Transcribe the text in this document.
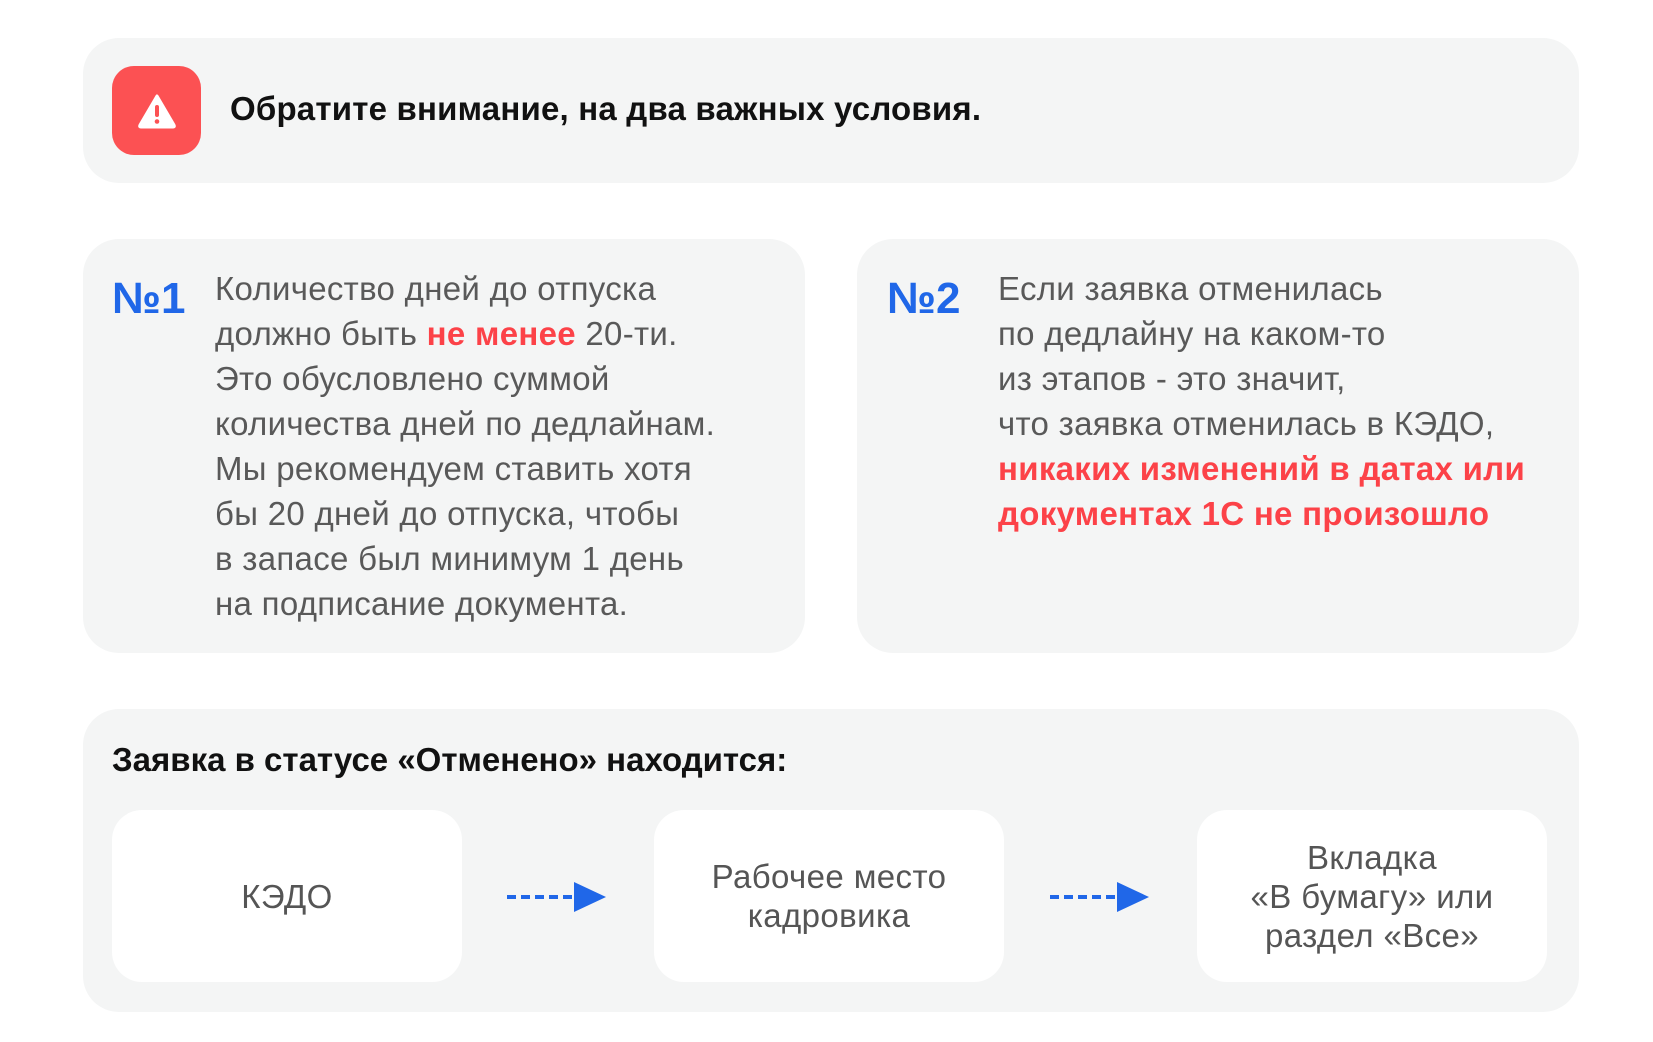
Обратите внимание, на два важных условия.
№1 Количество дней до отпуска
должно быть не менее 20-ти.
Это обусловлено суммой
количества дней по дедлайнам.
Мы рекомендуем ставить хотя
бы 20 дней до отпуска, чтобы
в запасе был минимум 1 день
на подписание документа.
№2 Если заявка отменилась
по дедлайну на каком-то
из этапов - это значит,
что заявка отменилась в КЭДО,
никаких изменений в датах или
документах 1С не произошло
Заявка в статусе «Отменено» находится:
КЭДО
Рабочее место
кадровика
Вкладка
«В бумагу» или
раздел «Все»
